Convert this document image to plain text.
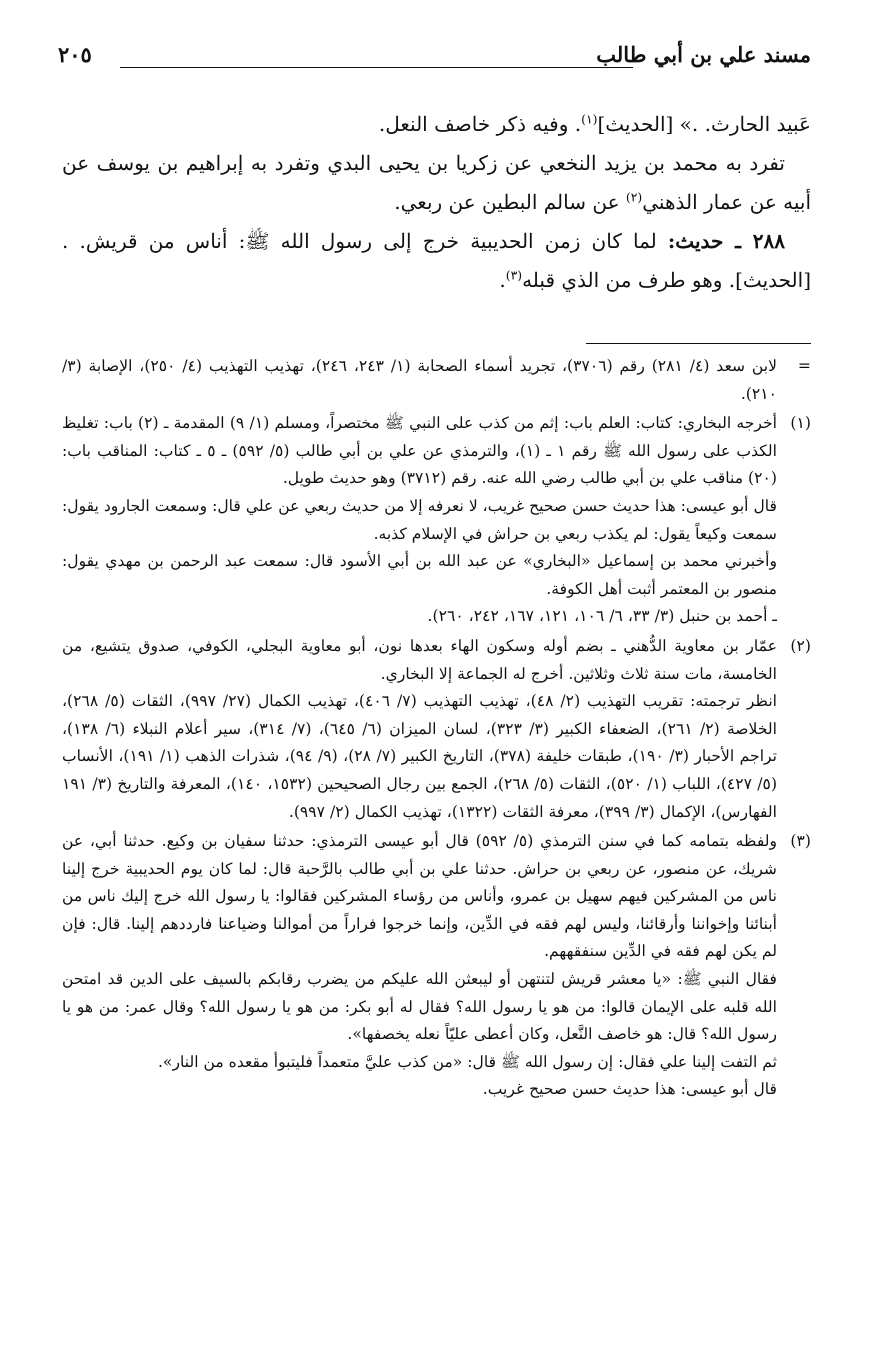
مسند علي بن أبي طالب
٢٠٥

عَبيد الحارث. .» [الحديث]$^{(١)}$. وفيه ذكر خاصف النعل.

تفرد به محمد بن يزيد النخعي عن زكريا بن يحيى البدي وتفرد به إبراهيم بن يوسف عن أبيه عن عمار الذهني$^{(٢)}$ عن سالم البطين عن ربعي.

٢٨٨ ـ حديث: لما كان زمن الحديبية خرج إلى رسول الله ﷺ: أناس من قريش. . [الحديث]. وهو طرف من الذي قبله$^{(٣)}$.

=

لابن سعد (٤/ ٢٨١) رقم (٣٧٠٦)، تجريد أسماء الصحابة (١/ ٢٤٣، ٢٤٦)، تهذيب التهذيب (٤/ ٢٥٠)، الإصابة (٣/ ٢١٠).

(١)

أخرجه البخاري: كتاب: العلم باب: إثم من كذب على النبي ﷺ مختصراً، ومسلم (١/ ٩) المقدمة ـ (٢) باب: تغليظ الكذب على رسول الله ﷺ رقم ١ ـ (١)، والترمذي عن علي بن أبي طالب (٥/ ٥٩٢) ـ ٥ ـ كتاب: المناقب باب: (٢٠) مناقب علي بن أبي طالب رضي الله عنه. رقم (٣٧١٢) وهو حديث طويل.

قال أبو عيسى: هذا حديث حسن صحيح غريب، لا نعرفه إلا من حديث ربعي عن علي قال: وسمعت الجارود يقول: سمعت وكيعاً يقول: لم يكذب ربعي بن حراش في الإسلام كذبه.

وأخبرني محمد بن إسماعيل «البخاري» عن عبد الله بن أبي الأسود قال: سمعت عبد الرحمن بن مهدي يقول: منصور بن المعتمر أثبت أهل الكوفة.

ـ أحمد بن حنبل (٣/ ٣٣، ٦/ ١٠٦، ١٢١، ١٦٧، ٢٤٢، ٢٦٠).

(٢)

عمّار بن معاوية الدُّهني ـ بضم أوله وسكون الهاء بعدها نون، أبو معاوية البجلي، الكوفي، صدوق يتشيع، من الخامسة، مات سنة ثلاث وثلاثين. أخرج له الجماعة إلا البخاري.

انظر ترجمته: تقريب التهذيب (٢/ ٤٨)، تهذيب التهذيب (٧/ ٤٠٦)، تهذيب الكمال (٢٧/ ٩٩٧)، الثقات (٥/ ٢٦٨)، الخلاصة (٢/ ٢٦١)، الضعفاء الكبير (٣/ ٣٢٣)، لسان الميزان (٦/ ٦٤٥)، (٧/ ٣١٤)، سير أعلام النبلاء (٦/ ١٣٨)، تراجم الأحبار (٣/ ١٩٠)، طبقات خليفة (٣٧٨)، التاريخ الكبير (٧/ ٢٨)، (٩/ ٩٤)، شذرات الذهب (١/ ١٩١)، الأنساب (٥/ ٤٢٧)، اللباب (١/ ٥٢٠)، الثقات (٥/ ٢٦٨)، الجمع بين رجال الصحيحين (١٥٣٢، ١٤٠)، المعرفة والتاريخ (٣/ ١٩١ الفهارس)، الإكمال (٣/ ٣٩٩)، معرفة الثقات (١٣٢٢)، تهذيب الكمال (٢/ ٩٩٧).

(٣)

ولفظه بتمامه كما في سنن الترمذي (٥/ ٥٩٢) قال أبو عيسى الترمذي: حدثنا سفيان بن وكيع. حدثنا أبي، عن شريك، عن منصور، عن ربعي بن حراش. حدثنا علي بن أبي طالب بالرَّحبة قال: لما كان يوم الحديبية خرج إلينا ناس من المشركين فيهم سهيل بن عمرو، وأناس من رؤساء المشركين فقالوا: يا رسول الله خرج إليك ناس من أبنائنا وإخواننا وأرقائنا، وليس لهم فقه في الدِّين، وإنما خرجوا فراراً من أموالنا وضياعنا فارددهم إلينا. قال: فإن لم يكن لهم فقه في الدِّين سنفقههم.

فقال النبي ﷺ: «يا معشر قريش لتنتهن أو ليبعثن الله عليكم من يضرب رقابكم بالسيف على الدين قد امتحن الله قلبه على الإيمان قالوا: من هو يا رسول الله؟ فقال له أبو بكر: من هو يا رسول الله؟ وقال عمر: من هو يا رسول الله؟ قال: هو خاصف النَّعل، وكان أعطى عليّاً نعله يخصفها».

ثم التفت إلينا علي فقال: إن رسول الله ﷺ قال: «من كذب عليَّ متعمداً فليتبوأ مقعده من النار».

قال أبو عيسى: هذا حديث حسن صحيح غريب.
